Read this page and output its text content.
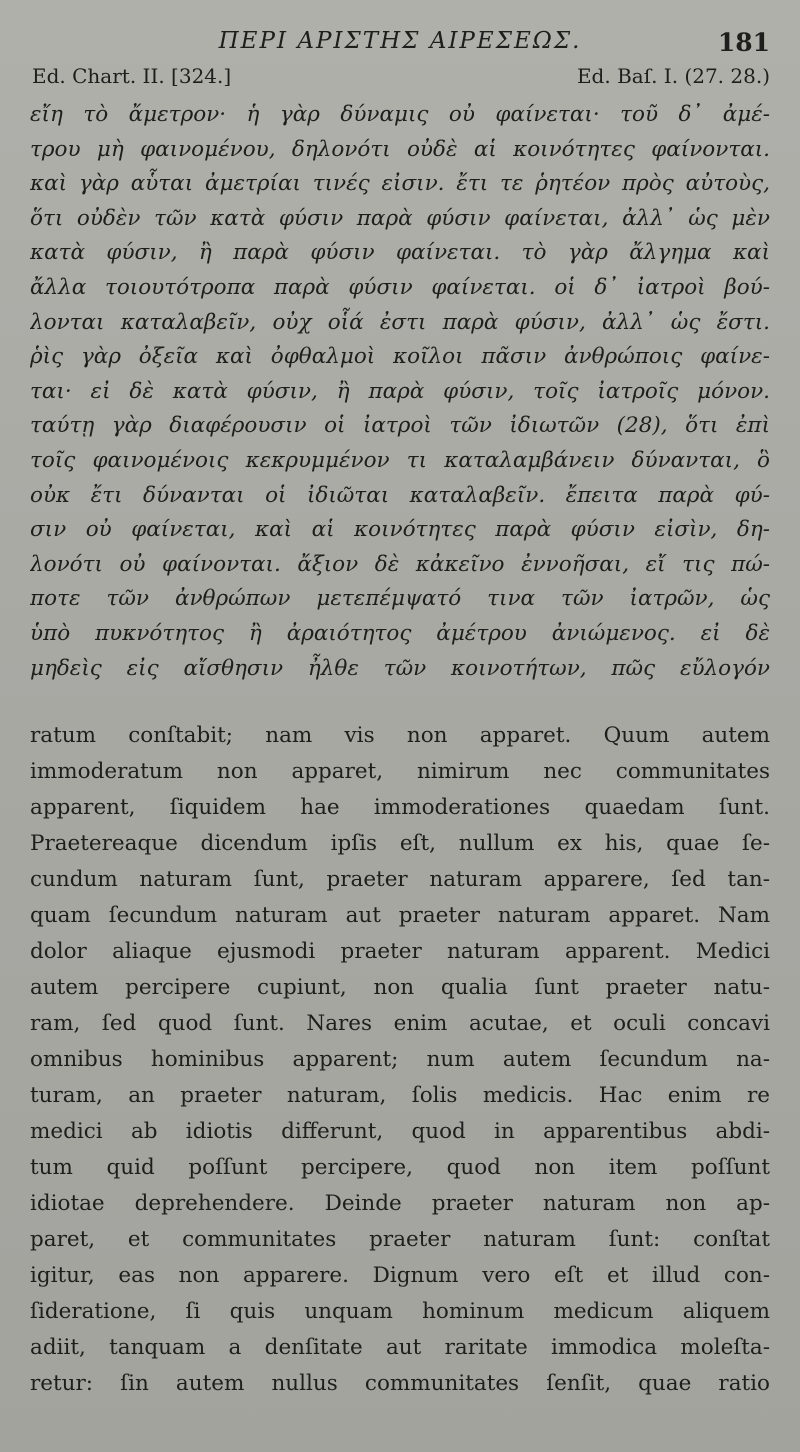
ΠΕΡΙ ΑΡΙΣΤΗΣ ΑΙΡΕΣΕΩΣ.	181
Ed. Chart. II. [324.]	Ed. Baſ. I. (27. 28.)
εἴη τὸ ἄμετρον· ἡ γὰρ δύναμις οὐ φαίνεται· τοῦ δ᾽ ἀμέ-
τρου μὴ φαινομένου, δηλονότι οὐδὲ αἱ κοινότητες φαίνονται.
καὶ γὰρ αὗται ἀμετρίαι τινές εἰσιν. ἔτι τε ῥητέον πρὸς αὐτοὺς,
ὅτι οὐδὲν τῶν κατὰ φύσιν παρὰ φύσιν φαίνεται, ἀλλ᾽ ὡς μὲν
κατὰ φύσιν, ἢ παρὰ φύσιν φαίνεται. τὸ γὰρ ἄλγημα καὶ
ἄλλα τοιουτότροπα παρὰ φύσιν φαίνεται. οἱ δ᾽ ἰατροὶ βού-
λονται καταλαβεῖν, οὐχ οἷά ἐστι παρὰ φύσιν, ἀλλ᾽ ὡς ἔστι.
ῥὶς γὰρ ὀξεῖα καὶ ὀφθαλμοὶ κοῖλοι πᾶσιν ἀνθρώποις φαίνε-
ται· εἰ δὲ κατὰ φύσιν, ἢ παρὰ φύσιν, τοῖς ἰατροῖς μόνον.
ταύτῃ γὰρ διαφέρουσιν οἱ ἰατροὶ τῶν ἰδιωτῶν (28), ὅτι ἐπὶ
τοῖς φαινομένοις κεκρυμμένον τι καταλαμβάνειν δύνανται, ὃ
οὐκ ἔτι δύνανται οἱ ἰδιῶται καταλαβεῖν. ἔπειτα παρὰ φύ-
σιν οὐ φαίνεται, καὶ αἱ κοινότητες παρὰ φύσιν εἰσὶν, δη-
λονότι οὐ φαίνονται. ἄξιον δὲ κἀκεῖνο ἐννοῆσαι, εἴ τις πώ-
ποτε τῶν ἀνθρώπων μετεπέμψατό τινα τῶν ἰατρῶν, ὡς
ὑπὸ πυκνότητος ἢ ἀραιότητος ἀμέτρου ἀνιώμενος. εἰ δὲ
μηδεὶς εἰς αἴσθησιν ἦλθε τῶν κοινοτήτων, πῶς εὔλογόν
ratum conſtabit; nam vis non apparet. Quum autem
immoderatum non apparet, nimirum nec communitates
apparent, ſiquidem hae immoderationes quaedam ſunt.
Praetereaque dicendum ipſis eſt, nullum ex his, quae ſe-
cundum naturam ſunt, praeter naturam apparere, ſed tan-
quam ſecundum naturam aut praeter naturam apparet. Nam
dolor aliaque ejusmodi praeter naturam apparent. Medici
autem percipere cupiunt, non qualia ſunt praeter natu-
ram, ſed quod ſunt. Nares enim acutae, et oculi concavi
omnibus hominibus apparent; num autem ſecundum na-
turam, an praeter naturam, ſolis medicis. Hac enim re
medici ab idiotis differunt, quod in apparentibus abdi-
tum quid poſſunt percipere, quod non item poſſunt
idiotae deprehendere. Deinde praeter naturam non ap-
paret, et communitates praeter naturam ſunt: conſtat
igitur, eas non apparere. Dignum vero eſt et illud con-
ſideratione, ſi quis unquam hominum medicum aliquem
adiit, tanquam a denſitate aut raritate immodica moleſta-
retur: ſin autem nullus communitates ſenſit, quae ratio
